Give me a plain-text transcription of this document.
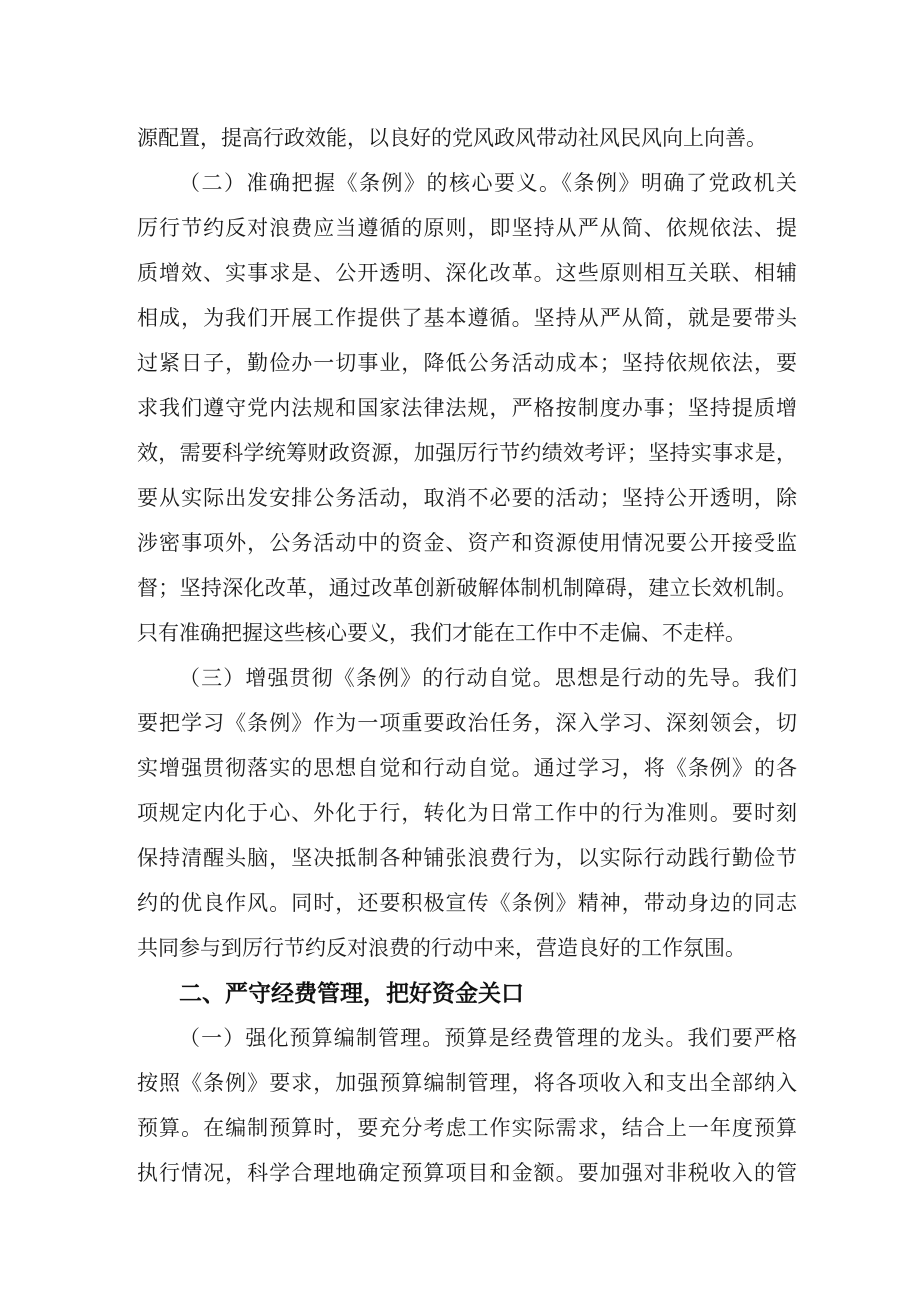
源配置，提高行政效能，以良好的党风政风带动社风民风向上向善。
（二）准确把握《条例》的核心要义。《条例》明确了党政机关
厉行节约反对浪费应当遵循的原则，即坚持从严从简、依规依法、提
质增效、实事求是、公开透明、深化改革。这些原则相互关联、相辅
相成，为我们开展工作提供了基本遵循。坚持从严从简，就是要带头
过紧日子，勤俭办一切事业，降低公务活动成本；坚持依规依法，要
求我们遵守党内法规和国家法律法规，严格按制度办事；坚持提质增
效，需要科学统筹财政资源，加强厉行节约绩效考评；坚持实事求是，
要从实际出发安排公务活动，取消不必要的活动；坚持公开透明，除
涉密事项外，公务活动中的资金、资产和资源使用情况要公开接受监
督；坚持深化改革，通过改革创新破解体制机制障碍，建立长效机制。
只有准确把握这些核心要义，我们才能在工作中不走偏、不走样。
（三）增强贯彻《条例》的行动自觉。思想是行动的先导。我们
要把学习《条例》作为一项重要政治任务，深入学习、深刻领会，切
实增强贯彻落实的思想自觉和行动自觉。通过学习，将《条例》的各
项规定内化于心、外化于行，转化为日常工作中的行为准则。要时刻
保持清醒头脑，坚决抵制各种铺张浪费行为，以实际行动践行勤俭节
约的优良作风。同时，还要积极宣传《条例》精神，带动身边的同志
共同参与到厉行节约反对浪费的行动中来，营造良好的工作氛围。
二、严守经费管理，把好资金关口
（一）强化预算编制管理。预算是经费管理的龙头。我们要严格
按照《条例》要求，加强预算编制管理，将各项收入和支出全部纳入
预算。在编制预算时，要充分考虑工作实际需求，结合上一年度预算
执行情况，科学合理地确定预算项目和金额。要加强对非税收入的管
